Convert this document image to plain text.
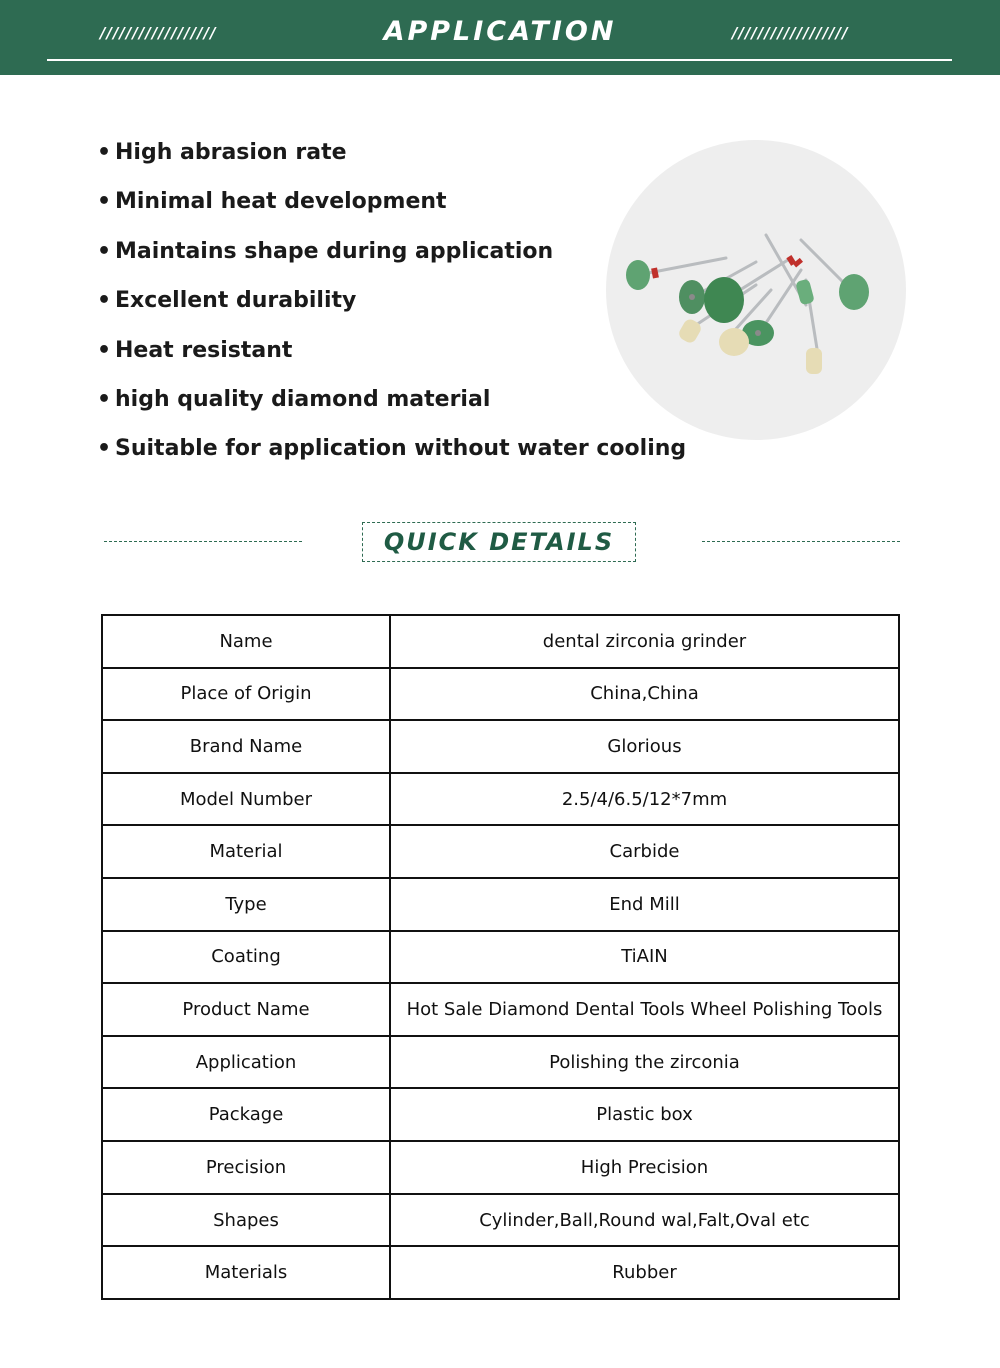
//////////////////	APPLICATION	//////////////////
• High abrasion rate
• Minimal heat development
• Maintains shape during application
• Excellent durability
• Heat resistant
• high quality diamond material
• Suitable for application without water cooling
QUICK DETAILS
Name	dental zirconia grinder
Place of Origin	China,China
Brand Name	Glorious
Model Number	2.5/4/6.5/12*7mm
Material	Carbide
Type	End Mill
Coating	TiAIN
Product Name	Hot Sale Diamond Dental Tools Wheel Polishing Tools
Application	Polishing the zirconia
Package	Plastic box
Precision	High Precision
Shapes	Cylinder,Ball,Round wal,Falt,Oval etc
Materials	Rubber
